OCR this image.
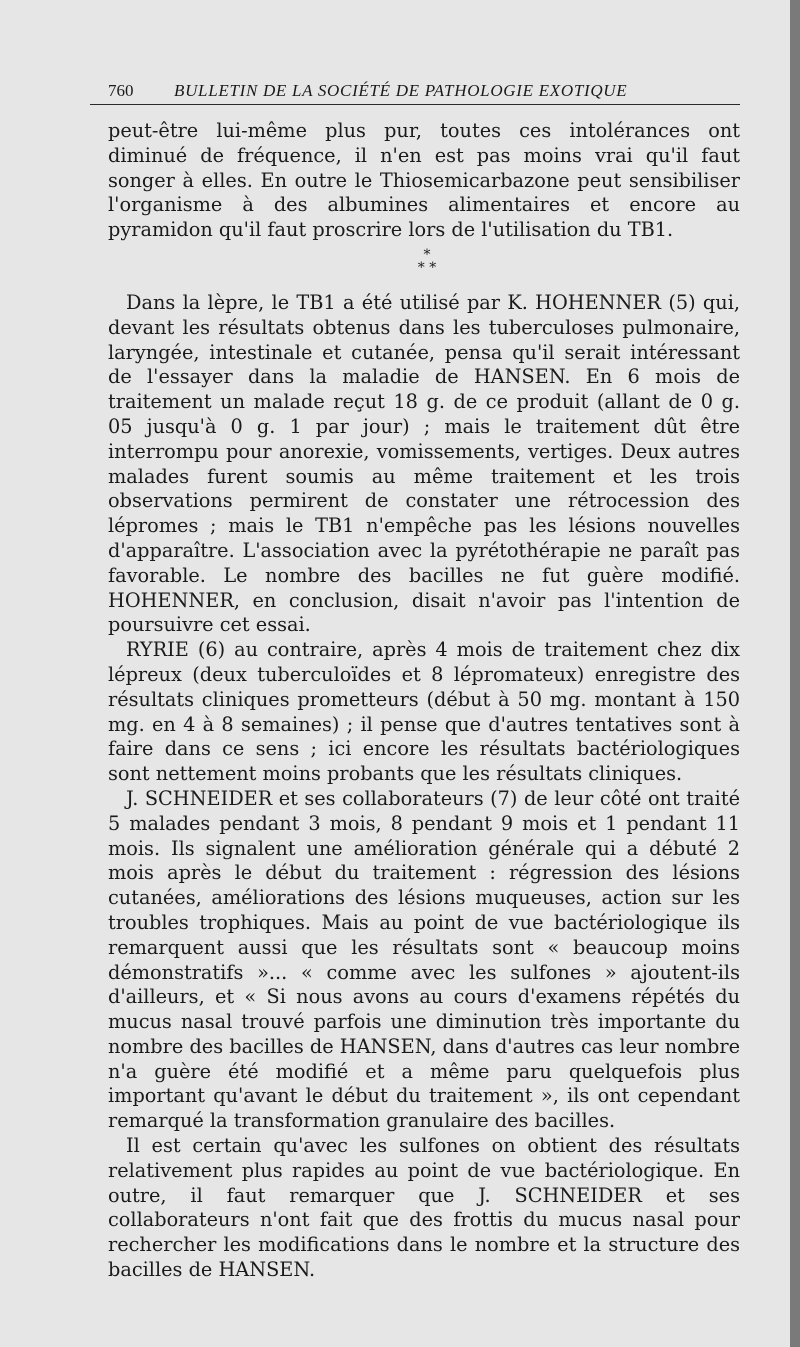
760 BULLETIN DE LA SOCIÉTÉ DE PATHOLOGIE EXOTIQUE

peut-être lui-même plus pur, toutes ces intolérances ont diminué de fréquence, il n'en est pas moins vrai qu'il faut songer à elles. En outre le Thiosemicarbazone peut sensibiliser l'organisme à des albumines alimentaires et encore au pyramidon qu'il faut proscrire lors de l'utilisation du TB1.

*
* *

Dans la lèpre, le TB1 a été utilisé par K. HOHENNER (5) qui, devant les résultats obtenus dans les tuberculoses pulmonaire, laryngée, intestinale et cutanée, pensa qu'il serait intéressant de l'essayer dans la maladie de HANSEN. En 6 mois de traitement un malade reçut 18 g. de ce produit (allant de 0 g. 05 jusqu'à 0 g. 1 par jour) ; mais le traitement dût être interrompu pour anorexie, vomissements, vertiges. Deux autres malades furent soumis au même traitement et les trois observations permirent de constater une rétrocession des lépromes ; mais le TB1 n'empêche pas les lésions nouvelles d'apparaître. L'association avec la pyrétothérapie ne paraît pas favorable. Le nombre des bacilles ne fut guère modifié. HOHENNER, en conclusion, disait n'avoir pas l'intention de poursuivre cet essai.

RYRIE (6) au contraire, après 4 mois de traitement chez dix lépreux (deux tuberculoïdes et 8 lépromateux) enregistre des résultats cliniques prometteurs (début à 50 mg. montant à 150 mg. en 4 à 8 semaines) ; il pense que d'autres tentatives sont à faire dans ce sens ; ici encore les résultats bactériologiques sont nettement moins probants que les résultats cliniques.

J. SCHNEIDER et ses collaborateurs (7) de leur côté ont traité 5 malades pendant 3 mois, 8 pendant 9 mois et 1 pendant 11 mois. Ils signalent une amélioration générale qui a débuté 2 mois après le début du traitement : régression des lésions cutanées, améliorations des lésions muqueuses, action sur les troubles trophiques. Mais au point de vue bactériologique ils remarquent aussi que les résultats sont « beaucoup moins démonstratifs »... « comme avec les sulfones » ajoutent-ils d'ailleurs, et « Si nous avons au cours d'examens répétés du mucus nasal trouvé parfois une diminution très importante du nombre des bacilles de HANSEN, dans d'autres cas leur nombre n'a guère été modifié et a même paru quelquefois plus important qu'avant le début du traitement », ils ont cependant remarqué la transformation granulaire des bacilles.

Il est certain qu'avec les sulfones on obtient des résultats relativement plus rapides au point de vue bactériologique. En outre, il faut remarquer que J. SCHNEIDER et ses collaborateurs n'ont fait que des frottis du mucus nasal pour rechercher les modifications dans le nombre et la structure des bacilles de HANSEN.
